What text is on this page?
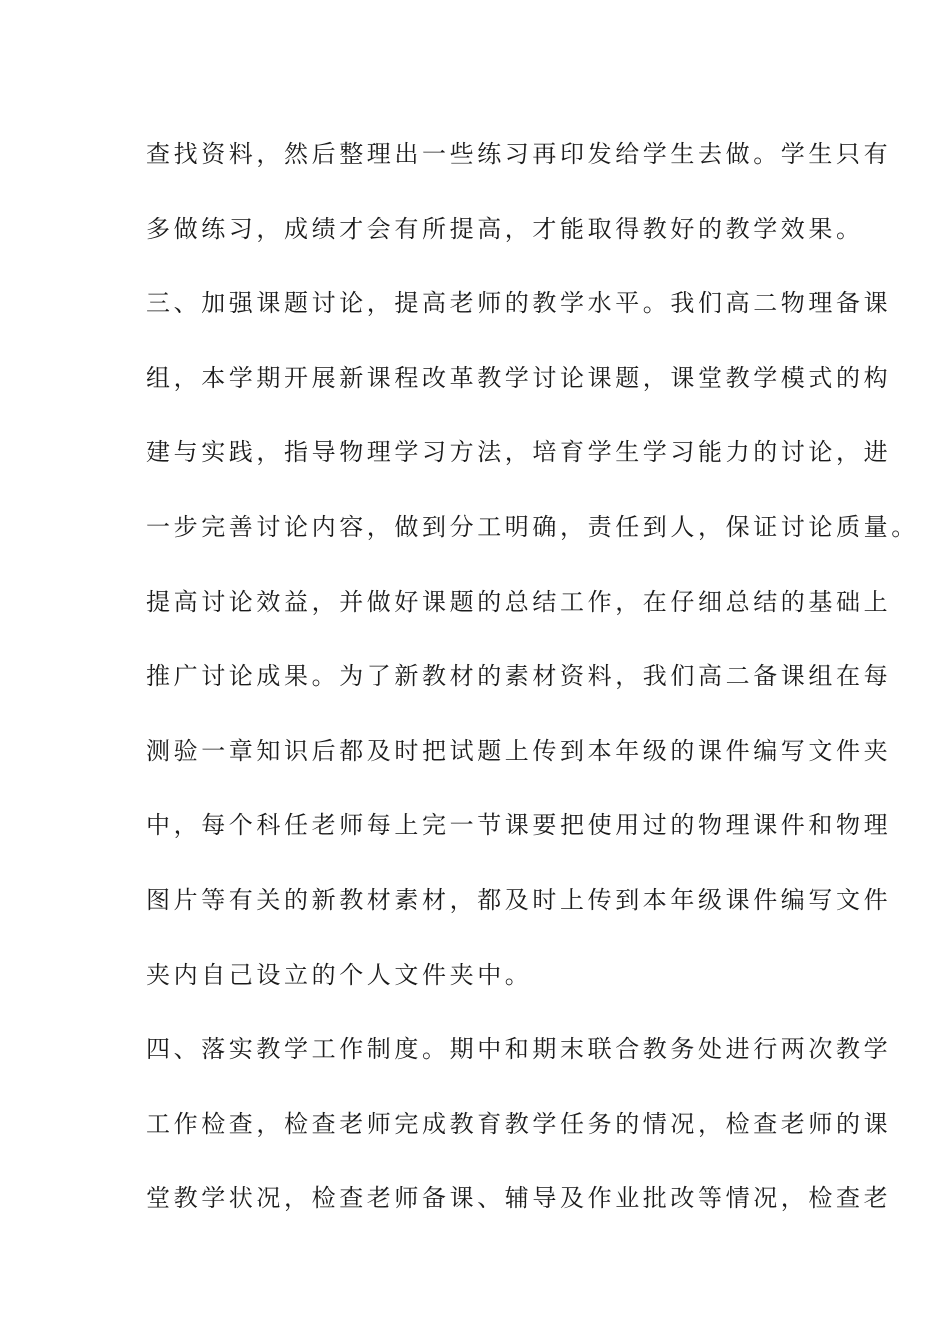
查找资料，然后整理出一些练习再印发给学生去做。学生只有
多做练习，成绩才会有所提高，才能取得教好的教学效果。
三、加强课题讨论，提高老师的教学水平。我们高二物理备课
组，本学期开展新课程改革教学讨论课题，课堂教学模式的构
建与实践，指导物理学习方法，培育学生学习能力的讨论，进
一步完善讨论内容，做到分工明确，责任到人，保证讨论质量。
提高讨论效益，并做好课题的总结工作，在仔细总结的基础上
推广讨论成果。为了新教材的素材资料，我们高二备课组在每
测验一章知识后都及时把试题上传到本年级的课件编写文件夹
中，每个科任老师每上完一节课要把使用过的物理课件和物理
图片等有关的新教材素材，都及时上传到本年级课件编写文件
夹内自己设立的个人文件夹中。
四、落实教学工作制度。期中和期末联合教务处进行两次教学
工作检查，检查老师完成教育教学任务的情况，检查老师的课
堂教学状况，检查老师备课、辅导及作业批改等情况，检查老
